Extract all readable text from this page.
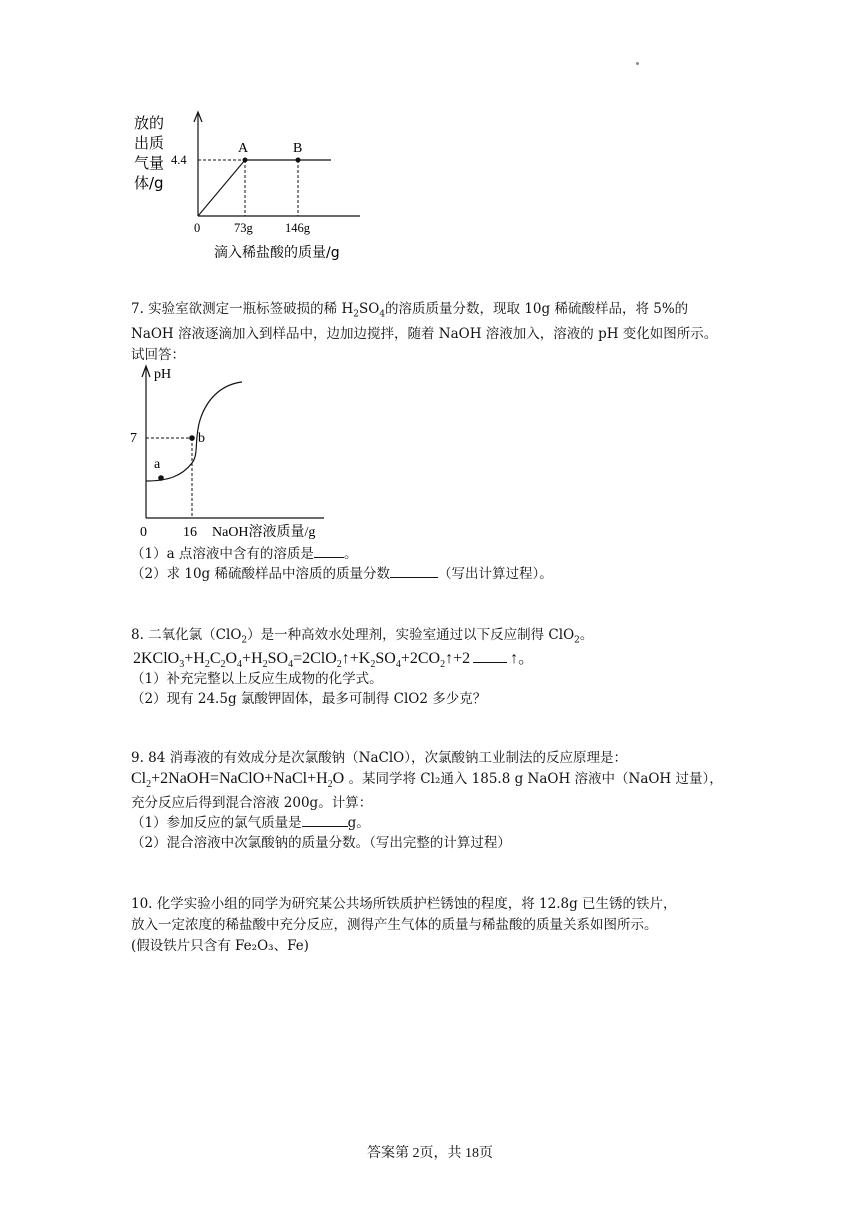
放的
出质
气量
体/g
4.4
A	B
0	73g	146g
滴入稀盐酸的质量/g
7. 实验室欲测定一瓶标签破损的稀 $H_2SO_4$的溶质质量分数，现取 10g 稀硫酸样品，将 5%的
NaOH 溶液逐滴加入到样品中，边加边搅拌，随着 NaOH 溶液加入，溶液的 pH 变化如图所示。
试回答：
pH
7
a
b
0	16 NaOH溶液质量/g
（1）a 点溶液中含有的溶质是 。
（2）求 10g 稀硫酸样品中溶质的质量分数	（写出计算过程）。
8. 二氧化氯（ClO$_2$）是一种高效水处理剂，实验室通过以下反应制得 ClO$_2$。
$2KClO_3+H_2C_2O_4+H_2SO_4=2ClO_2↑+K_2SO_4+2CO_2↑+2$	↑。
（1）补充完整以上反应生成物的化学式。
（2）现有 24.5g 氯酸钾固体，最多可制得 ClO2 多少克？
9. 84 消毒液的有效成分是次氯酸钠（NaClO），次氯酸钠工业制法的反应原理是：
$Cl_2+2NaOH=NaClO+NaCl+H_2O$ 。某同学将 Cl₂通入 185.8 g NaOH 溶液中（NaOH 过量），
充分反应后得到混合溶液 200g。计算：
（1）参加反应的氯气质量是	g。
（2）混合溶液中次氯酸钠的质量分数。（写出完整的计算过程）
10. 化学实验小组的同学为研究某公共场所铁质护栏锈蚀的程度，将 12.8g 已生锈的铁片，
放入一定浓度的稀盐酸中充分反应，测得产生气体的质量与稀盐酸的质量关系如图所示。
(假设铁片只含有 Fe₂O₃、Fe)
答案第 2页，共 18页
